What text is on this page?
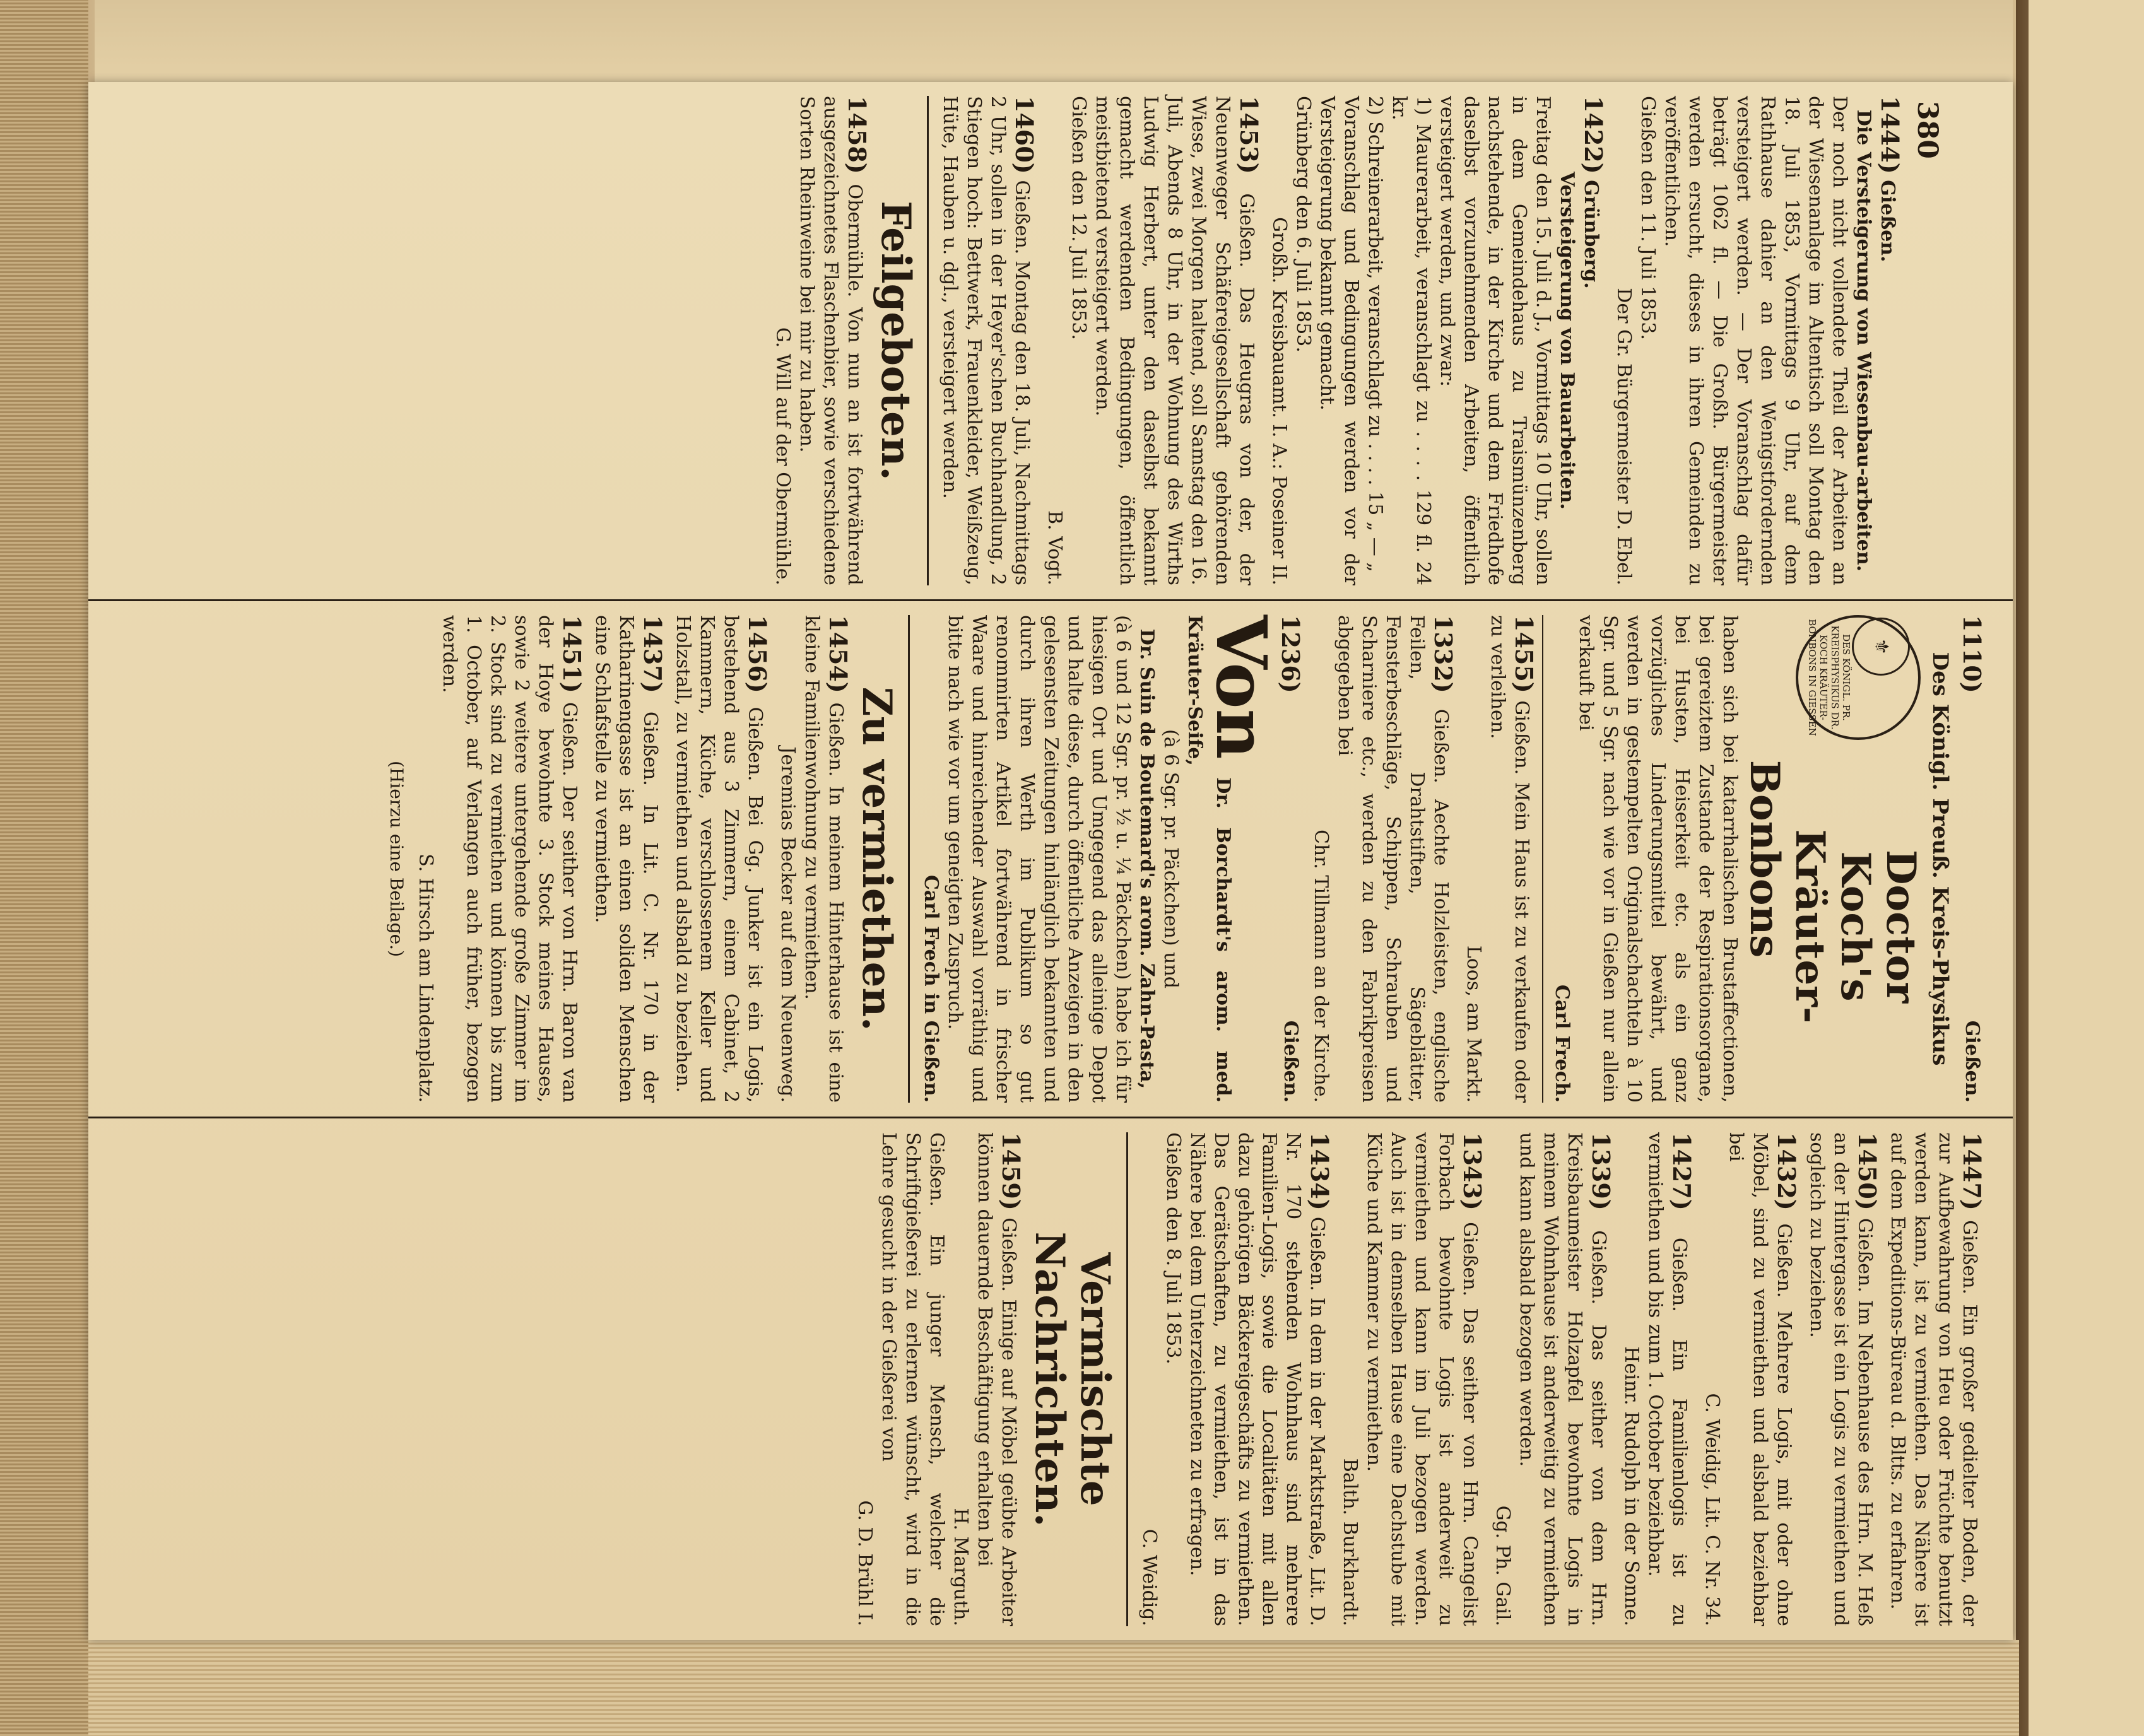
380
1444) Gießen.
Die Versteigerung von Wiesenbau-arbeiten.
Der noch nicht vollendete Theil der Arbeiten an der Wiesenanlage im Altentisch soll Montag den 18. Juli 1853, Vormittags 9 Uhr, auf dem Rathhause dahier an den Wenigstfordernden versteigert werden. — Der Voranschlag dafür beträgt 1062 fl. — Die Großh. Bürgermeister werden ersucht, dieses in ihren Gemeinden zu veröffentlichen.
Gießen den 11. Juli 1853.
Der Gr. Bürgermeister D. Ebel.
1422) Grünberg.
Versteigerung von Bauarbeiten.
Freitag den 15. Juli d. J., Vormittags 10 Uhr, sollen in dem Gemeindehaus zu Traismünzenberg nachstehende, in der Kirche und dem Friedhofe daselbst vorzunehmenden Arbeiten, öffentlich versteigert werden, und zwar:
1) Maurerarbeit, veranschlagt zu . . . . 129 fl. 24 kr.
2) Schreinerarbeit, veranschlagt zu . . . . 15 „ — „
Voranschlag und Bedingungen werden vor der Versteigerung bekannt gemacht.
Grünberg den 6. Juli 1853.
Großh. Kreisbauamt. I. A.: Poseiner II.
1453) Gießen. Das Heugras von der, der Neuenweger Schäfereigesellschaft gehörenden Wiese, zwei Morgen haltend, soll Samstag den 16. Juli, Abends 8 Uhr, in der Wohnung des Wirths Ludwig Herbert, unter den daselbst bekannt gemacht werdenden Bedingungen, öffentlich meistbietend versteigert werden.
Gießen den 12. Juli 1853.
B. Vogt.
1460) Gießen. Montag den 18. Juli, Nachmittags 2 Uhr, sollen in der Heyer'schen Buchhandlung, 2 Stiegen hoch: Bettwerk, Frauenkleider, Weißzeug, Hüte, Hauben u. dgl., versteigert werden.
Feilgeboten.
1458) Obermühle. Von nun an ist fortwährend ausgezeichnetes Flaschenbier, sowie verschiedene Sorten Rheinweine bei mir zu haben.
G. Will auf der Obermühle.
1110)
Gießen.
Des Königl. Preuß. Kreis-Physikus
⚜
DES KÖNIGL. PR. KREISPHYSIKUS DR. KOCH KRÄUTER-BONBONS IN GIESSEN
Doctor
Koch's
Kräuter-
Bonbons
haben sich bei katarrhalischen Brustaffectionen, bei gereiztem Zustande der Respirationsorgane, bei Husten, Heiserkeit etc. als ein ganz vorzügliches Linderungsmittel bewährt, und werden in gestempelten Originalschachteln à 10 Sgr. und 5 Sgr. nach wie vor in Gießen nur allein verkauft bei
Carl Frech.
1455) Gießen. Mein Haus ist zu verkaufen oder zu verleihen.
Loos, am Markt.
1332) Gießen. Aechte Holzleisten, englische Feilen, Drahtstiften, Sägeblätter, Fensterbeschläge, Schippen, Schrauben und Scharniere etc., werden zu den Fabrikpreisen abgegeben bei
Chr. Tillmann an der Kirche.
1236)
Gießen.
Von Dr. Borchardt's arom. med. Kräuter-Seife,
(à 6 Sgr. pr. Päckchen) und
Dr. Suin de Boutemard's arom. Zahn-Pasta,
(à 6 und 12 Sgr. pr. ½ u. ¼ Päckchen) habe ich für hiesigen Ort und Umgegend das alleinige Depot und halte diese, durch öffentliche Anzeigen in den gelesensten Zeitungen hinlänglich bekannten und durch ihren Werth im Publikum so gut renommirten Artikel fortwährend in frischer Waare und hinreichender Auswahl vorräthig und bitte nach wie vor um geneigten Zuspruch.
Carl Frech in Gießen.
Zu vermiethen.
1454) Gießen. In meinem Hinterhause ist eine kleine Familienwohnung zu vermiethen.
Jeremias Becker auf dem Neuenweg.
1456) Gießen. Bei Gg. Junker ist ein Logis, bestehend aus 3 Zimmern, einem Cabinet, 2 Kammern, Küche, verschlossenem Keller und Holzstall, zu vermiethen und alsbald zu beziehen.
1437) Gießen. In Lit. C. Nr. 170 in der Katharinengasse ist an einen soliden Menschen eine Schlafstelle zu vermiethen.
1451) Gießen. Der seither von Hrn. Baron van der Hoye bewohnte 3. Stock meines Hauses, sowie 2 weitere untergehende große Zimmer im 2. Stock sind zu vermiethen und können bis zum 1. October, auf Verlangen auch früher, bezogen werden.
S. Hirsch am Lindenplatz.
(Hierzu eine Beilage.)
1447) Gießen. Ein großer gedielter Boden, der zur Aufbewahrung von Heu oder Früchte benutzt werden kann, ist zu vermiethen. Das Nähere ist auf dem Expeditions-Büreau d. Bltts. zu erfahren.
1450) Gießen. Im Nebenhause des Hrn. M. Heß an der Hintergasse ist ein Logis zu vermiethen und sogleich zu beziehen.
1432) Gießen. Mehrere Logis, mit oder ohne Möbel, sind zu vermiethen und alsbald beziehbar bei
C. Weidig, Lit. C. Nr. 34.
1427) Gießen. Ein Familienlogis ist zu vermiethen und bis zum 1. October beziehbar.
Heinr. Rudolph in der Sonne.
1339) Gießen. Das seither von dem Hrn. Kreisbaumeister Holzapfel bewohnte Logis in meinem Wohnhause ist anderweitig zu vermiethen und kann alsbald bezogen werden.
Gg. Ph. Gail.
1343) Gießen. Das seither von Hrn. Cangelist Forbach bewohnte Logis ist anderweit zu vermiethen und kann im Juli bezogen werden. Auch ist in demselben Hause eine Dachstube mit Küche und Kammer zu vermiethen.
Balth. Burkhardt.
1434) Gießen. In dem in der Marktstraße, Lit. D. Nr. 170 stehenden Wohnhaus sind mehrere Familien-Logis, sowie die Localitäten mit allen dazu gehörigen Bäckereigeschäfts zu vermiethen. Das Gerätschaften, zu vermiethen, ist in das Nähere bei dem Unterzeichneten zu erfragen.
Gießen den 8. Juli 1853.
C. Weidig.
Vermischte Nachrichten.
1459) Gießen. Einige auf Möbel geübte Arbeiter können dauernde Beschäftigung erhalten bei
H. Marguth.
Gießen. Ein junger Mensch, welcher die Schriftgießerei zu erlernen wünscht, wird in die Lehre gesucht in der Gießerei von
G. D. Brühl I.
